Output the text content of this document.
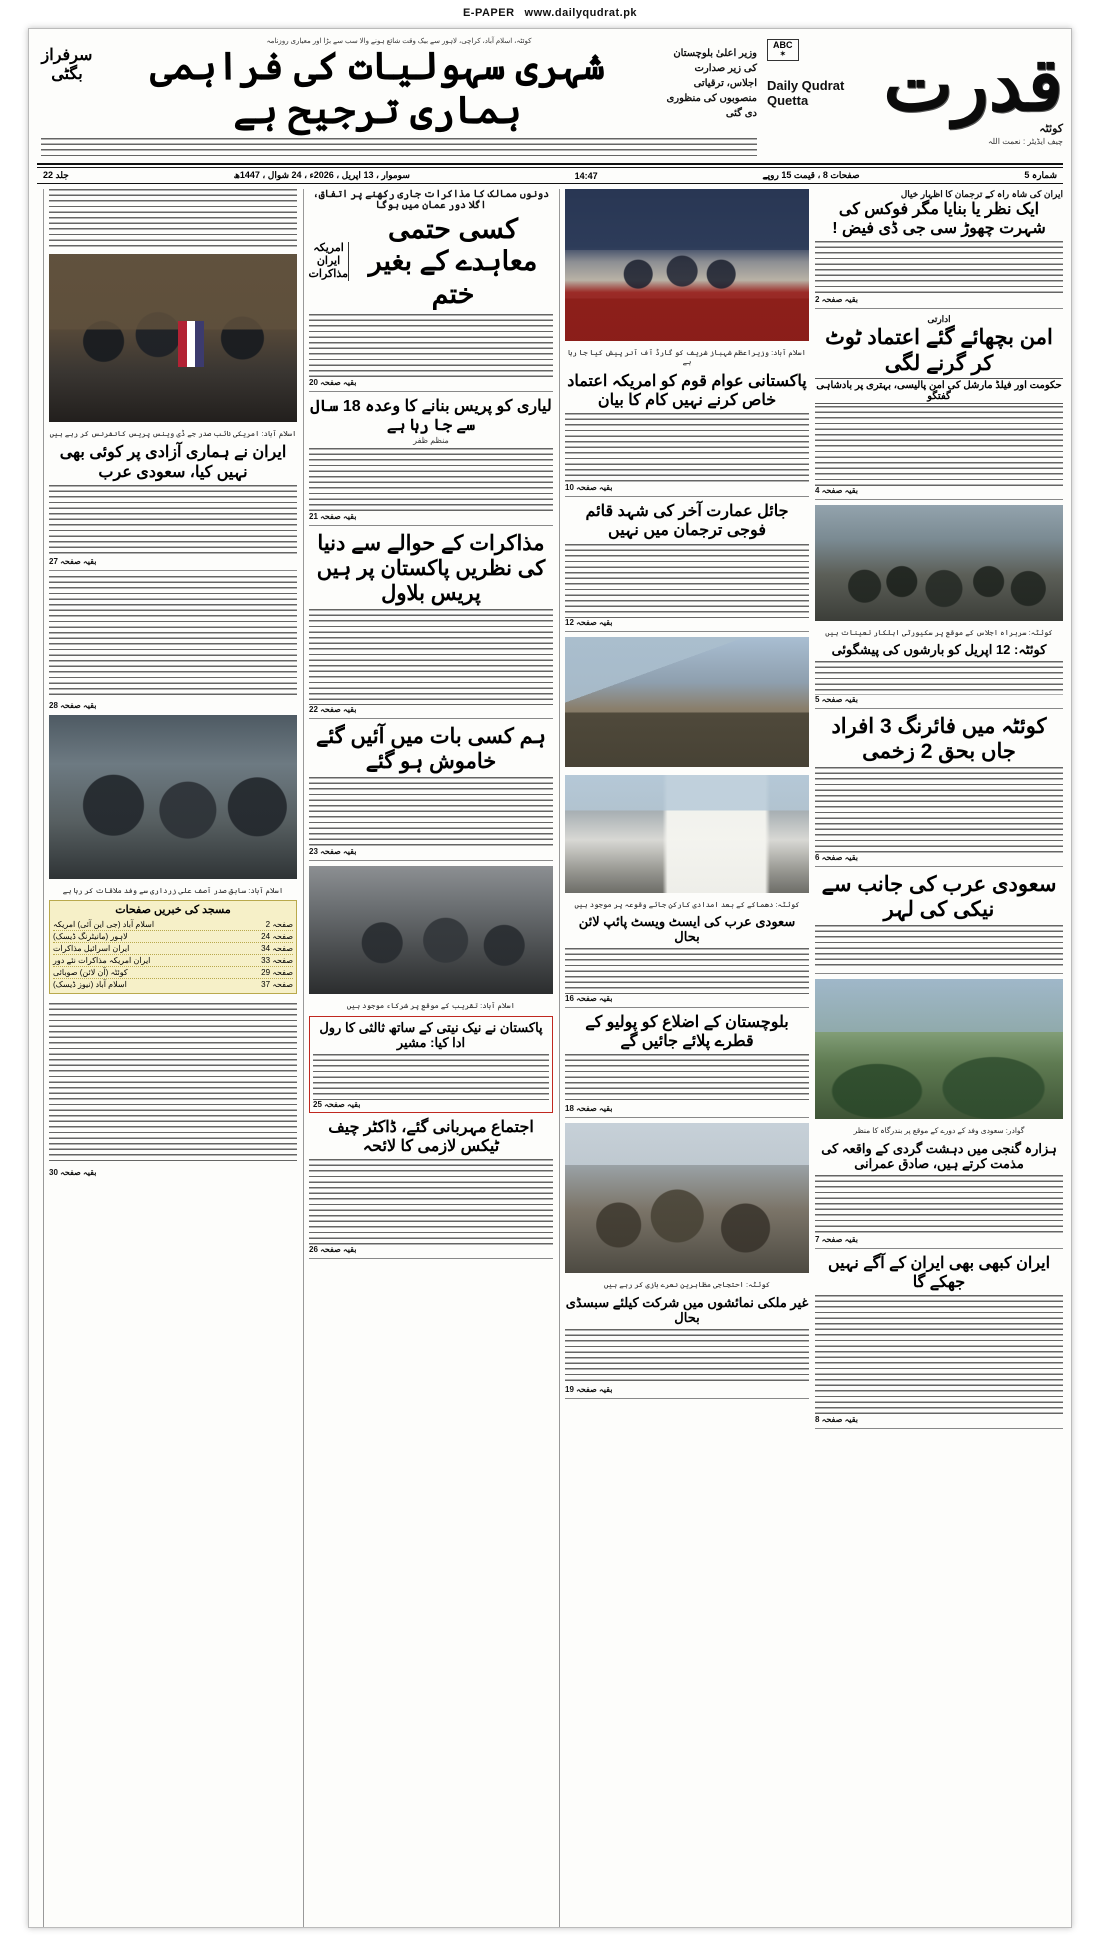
E-PAPER www.dailyqudrat.pk
ABC
✶
Daily Qudrat
Quetta	قدرت
کوئٹہ
چیف ایڈیٹر : نعمت اللہ
کوئٹہ، اسلام آباد، کراچی، لاہور سے بیک وقت شائع ہونے والا سب سے بڑا اور معیاری روزنامہ
وزیر اعلیٰ بلوچستان کی زیر صدارت اجلاس، ترقیاتی منصوبوں کی منظوری دی گئی
شہری سہولیات کی فراہمی ہماری ترجیح ہے
سرفراز بگٹی
جلد 22	سوموار ، 13 اپریل ، 2026ء ، 24 شوال ، 1447ھ	14:47	صفحات 8 ، قیمت 15 روپے	شمارہ 5
ایران کی شاہ راہ کے ترجمان کا اظہار خیال
ایک نظر یا بنایا مگر فوکس کی شہرت چھوڑ سی جی ڈی فیض !
بقیہ صفحہ 2
ادارتی
امن بچھائے گئے اعتماد ٹوٹ کر گرنے لگی
حکومت اور فیلڈ مارشل کی امن پالیسی، بہتری پر بادشاہی گفتگو
بقیہ صفحہ 4
کوئٹہ: سربراہ اجلاس کے موقع پر سکیورٹی اہلکار تعینات ہیں
کوئٹہ: 12 اپریل کو بارشوں کی پیشگوئی
بقیہ صفحہ 5
کوئٹہ میں فائرنگ 3 افراد جاں بحق 2 زخمی
بقیہ صفحہ 6
سعودی عرب کی جانب سے نیکی کی لہر
گوادر: سعودی وفد کے دورے کے موقع پر بندرگاہ کا منظر
ہزارہ گنجی میں دہشت گردی کے واقعہ کی مذمت کرتے ہیں، صادق عمرانی
بقیہ صفحہ 7
ایران کبھی بھی ایران کے آگے نہیں جھکے گا
بقیہ صفحہ 8
اسلام آباد: وزیراعظم شہباز شریف کو گارڈ آف آنر پیش کیا جا رہا ہے
پاکستانی عوام قوم کو امریکہ اعتماد خاص کرنے نہیں کام کا بیان
بقیہ صفحہ 10
جائل عمارت آخر کی شہد قائم فوجی ترجمان میں نہیں
بقیہ صفحہ 12
کوئٹہ: دھماکے کے بعد امدادی کارکن جائے وقوعہ پر موجود ہیں
سعودی عرب کی ایسٹ ویسٹ پائپ لائن بحال
بقیہ صفحہ 16
بلوچستان کے اضلاع کو پولیو کے قطرے پلائے جائیں گے
بقیہ صفحہ 18
کوئٹہ: احتجاجی مظاہرین نعرے بازی کر رہے ہیں
غیر ملکی نمائشوں میں شرکت کیلئے سبسڈی بحال
بقیہ صفحہ 19
دونوں ممالک کا مذاکرات جاری رکھنے پر اتفاق، اگلا دور عمان میں ہوگا
کسی حتمی معاہدے کے بغیر ختم
امریکہ
ایران
مذاکرات
بقیہ صفحہ 20
لیاری کو پریس بنانے کا وعدہ 18 سال سے جا رہا ہے
منظم ظفر
بقیہ صفحہ 21
مذاکرات کے حوالے سے دنیا کی نظریں پاکستان پر ہیں پریس بلاول
بقیہ صفحہ 22
ہم کسی بات میں آئیں گئے خاموش ہو گئے
بقیہ صفحہ 23
اسلام آباد: تقریب کے موقع پر شرکاء موجود ہیں
پاکستان نے نیک نیتی کے ساتھ ثالثی کا رول ادا کیا: مشیر
بقیہ صفحہ 25
اجتماع مہربانی گئے، ڈاکٹر چیف ٹیکس لازمی کا لائحہ
بقیہ صفحہ 26
اسلام آباد: امریکی نائب صدر جے ڈی وینس پریس کانفرنس کر رہے ہیں
ایران نے ہماری آزادی پر کوئی بھی نہیں کیا، سعودی عرب
بقیہ صفحہ 27
بقیہ صفحہ 28
اسلام آباد: سابق صدر آصف علی زرداری سے وفد ملاقات کر رہا ہے
مسجد کی خبریں صفحات
اسلام آباد (جی این آئی) امریکہ	صفحہ 2
لاہور (مانیٹرنگ ڈیسک)	صفحہ 24
ایران اسرائیل مذاکرات	صفحہ 34
ایران امریکہ مذاکرات نئے دور	صفحہ 33
کوئٹہ (آن لائن) صوبائی	صفحہ 29
اسلام آباد (نیوز ڈیسک)	صفحہ 37
بقیہ صفحہ 30
